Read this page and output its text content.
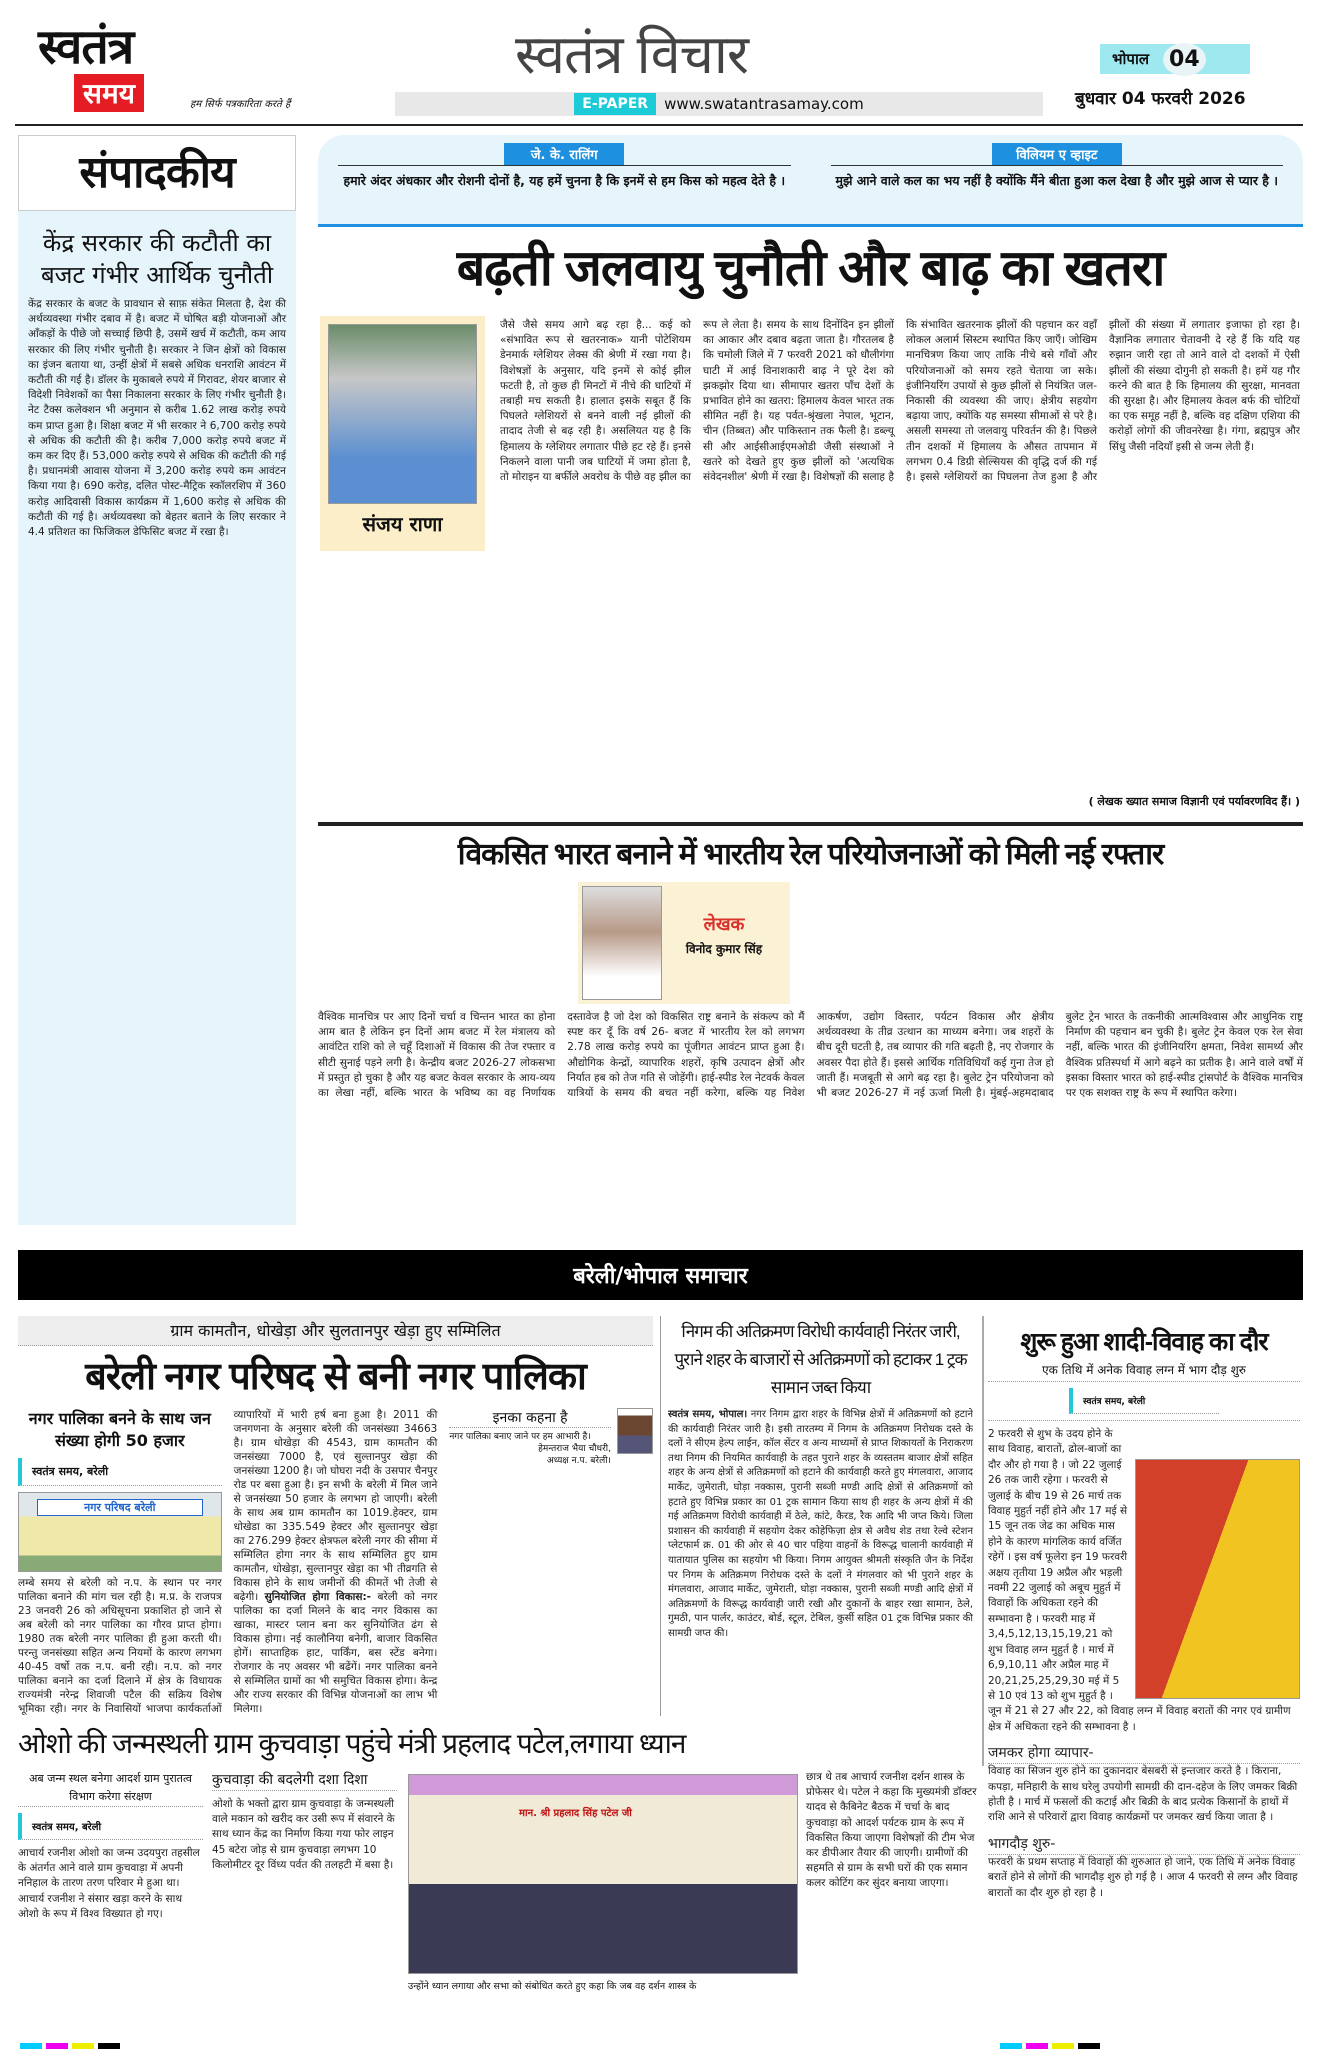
स्वतंत्र
समय	हम सिर्फ पत्रकारिता करते हैं
स्वतंत्र विचार
E-PAPER	www.swatantrasamay.com
भोपाल 04
बुधवार 04 फरवरी 2026
संपादकीय
केंद्र सरकार की कटौती का बजट गंभीर आर्थिक चुनौती
केंद्र सरकार के बजट के प्रावधान से साफ़ संकेत मिलता है, देश की अर्थव्यवस्था गंभीर दबाव में है। बजट में घोषित बड़ी योजनाओं और आँकड़ों के पीछे जो सच्चाई छिपी है, उसमें खर्च में कटौती, कम आय सरकार की लिए गंभीर चुनौती है। सरकार ने जिन क्षेत्रों को विकास का इंजन बताया था, उन्हीं क्षेत्रों में सबसे अधिक धनराशि आवंटन में कटौती की गई है। डॉलर के मुकाबले रुपये में गिरावट, शेयर बाजार से विदेशी निवेशकों का पैसा निकालना सरकार के लिए गंभीर चुनौती है। नेट टैक्स कलेक्शन भी अनुमान से करीब 1.62 लाख करोड़ रुपये कम प्राप्त हुआ है। शिक्षा बजट में भी सरकार ने 6,700 करोड़ रुपये से अधिक की कटौती की है। करीब 7,000 करोड़ रुपये बजट में कम कर दिए हैं। 53,000 करोड़ रुपये से अधिक की कटौती की गई है। प्रधानमंत्री आवास योजना में 3,200 करोड़ रुपये कम आवंटन किया गया है। 690 करोड़, दलित पोस्ट-मैट्रिक स्कॉलरशिप में 360 करोड़ आदिवासी विकास कार्यक्रम में 1,600 करोड़ से अधिक की कटौती की गई है। अर्थव्यवस्था को बेहतर बताने के लिए सरकार ने 4.4 प्रतिशत का फिजिकल डेफिसिट बजट में रखा है।
जे. के. रालिंग
हमारे अंदर अंधकार और रोशनी दोनों है, यह हमें चुनना है कि इनमें से हम किस को महत्व देते है ।
विलियम ए व्हाइट
मुझे आने वाले कल का भय नहीं है क्योंकि मैंने बीता हुआ कल देखा है और मुझे आज से प्यार है ।
बढ़ती जलवायु चुनौती और बाढ़ का खतरा
संजय राणा
जैसे जैसे समय आगे बढ़ रहा है... कई को «संभावित रूप से खतरनाक» यानी पोटेशियम डेनमार्क ग्लेशियर लेक्स की श्रेणी में रखा गया है। विशेषज्ञों के अनुसार, यदि इनमें से कोई झील फटती है, तो कुछ ही मिनटों में नीचे की घाटियों में तबाही मच सकती है। हालात इसके सबूत हैं कि पिघलते ग्लेशियरों से बनने वाली नई झीलों की तादाद तेजी से बढ़ रही है। असलियत यह है कि हिमालय के ग्लेशियर लगातार पीछे हट रहे हैं। इनसे निकलने वाला पानी जब घाटियों में जमा होता है, तो मोराइन या बर्फीले अवरोध के पीछे वह झील का रूप ले लेता है। समय के साथ दिनोंदिन इन झीलों का आकार और दबाव बढ़ता जाता है। गौरतलब है कि चमोली जिले में 7 फरवरी 2021 को धौलीगंगा घाटी में आई विनाशकारी बाढ़ ने पूरे देश को झकझोर दिया था। सीमापार खतरा पाँच देशों के प्रभावित होने का खतरा: हिमालय केवल भारत तक सीमित नहीं है। यह पर्वत-श्रृंखला नेपाल, भूटान, चीन (तिब्बत) और पाकिस्तान तक फैली है। डब्ल्यू सी और आईसीआईएमओडी जैसी संस्थाओं ने खतरे को देखते हुए कुछ झीलों को 'अत्यधिक संवेदनशील' श्रेणी में रखा है। विशेषज्ञों की सलाह है कि संभावित खतरनाक झीलों की पहचान कर वहाँ लोकल अलार्म सिस्टम स्थापित किए जाएँ। जोखिम मानचित्रण किया जाए ताकि नीचे बसे गाँवों और परियोजनाओं को समय रहते चेताया जा सके। इंजीनियरिंग उपायों से कुछ झीलों से नियंत्रित जल- निकासी की व्यवस्था की जाए। क्षेत्रीय सहयोग बढ़ाया जाए, क्योंकि यह समस्या सीमाओं से परे है। असली समस्या तो जलवायु परिवर्तन की है। पिछले तीन दशकों में हिमालय के औसत तापमान में लगभग 0.4 डिग्री सेल्सियस की वृद्धि दर्ज की गई है। इससे ग्लेशियरों का पिघलना तेज हुआ है और झीलों की संख्या में लगातार इजाफा हो रहा है। वैज्ञानिक लगातार चेतावनी दे रहे हैं कि यदि यह रुझान जारी रहा तो आने वाले दो दशकों में ऐसी झीलों की संख्या दोगुनी हो सकती है। हमें यह गौर करने की बात है कि हिमालय की सुरक्षा, मानवता की सुरक्षा है। और हिमालय केवल बर्फ की चोटियों का एक समूह नहीं है, बल्कि वह दक्षिण एशिया की करोड़ों लोगों की जीवनरेखा है। गंगा, ब्रह्मपुत्र और सिंधु जैसी नदियाँ इसी से जन्म लेती हैं।
( लेखक ख्यात समाज विज्ञानी एवं पर्यावरणविद हैं। )
विकसित भारत बनाने में भारतीय रेल परियोजनाओं को मिली नई रफ्तार
लेखक
विनोद कुमार सिंह
वैश्विक मानचित्र पर आए दिनों चर्चा व चिन्तन भारत का होना आम बात है लेकिन इन दिनों आम बजट में रेल मंत्रालय को आवंटित राशि को ले चहूँ दिशाओं में विकास की तेज रफ्तार व सीटी सुनाई पड़ने लगी है। केन्द्रीय बजट 2026-27 लोकसभा में प्रस्तुत हो चुका है और यह बजट केवल सरकार के आय-व्यय का लेखा नहीं, बल्कि भारत के भविष्य का वह निर्णायक दस्तावेज है जो देश को विकसित राष्ट्र बनाने के संकल्प को मैं स्पष्ट कर दूँ कि वर्ष 26- बजट में भारतीय रेल को लगभग 2.78 लाख करोड़ रुपये का पूंजीगत आवंटन प्राप्त हुआ है। औद्योगिक केन्द्रों, व्यापारिक शहरों, कृषि उत्पादन क्षेत्रों और निर्यात हब को तेज गति से जोड़ेंगी। हाई-स्पीड रेल नेटवर्क केवल यात्रियों के समय की बचत नहीं करेगा, बल्कि यह निवेश आकर्षण, उद्योग विस्तार, पर्यटन विकास और क्षेत्रीय अर्थव्यवस्था के तीव्र उत्थान का माध्यम बनेगा। जब शहरों के बीच दूरी घटती है, तब व्यापार की गति बढ़ती है, नए रोजगार के अवसर पैदा होते हैं। इससे आर्थिक गतिविधियाँ कई गुना तेज हो जाती हैं। मजबूती से आगे बढ़ रहा है। बुलेट ट्रेन परियोजना को भी बजट 2026-27 में नई ऊर्जा मिली है। मुंबई-अहमदाबाद बुलेट ट्रेन भारत के तकनीकी आत्मविश्वास और आधुनिक राष्ट्र निर्माण की पहचान बन चुकी है। बुलेट ट्रेन केवल एक रेल सेवा नहीं, बल्कि भारत की इंजीनियरिंग क्षमता, निवेश सामर्थ्य और वैश्विक प्रतिस्पर्धा में आगे बढ़ने का प्रतीक है। आने वाले वर्षों में इसका विस्तार भारत को हाई-स्पीड ट्रांसपोर्ट के वैश्विक मानचित्र पर एक सशक्त राष्ट्र के रूप में स्थापित करेगा।
बरेली/भोपाल समाचार
ग्राम कामतौन, धोखेड़ा और सुलतानपुर खेड़ा हुए सम्मिलित
बरेली नगर परिषद से बनी नगर पालिका
नगर पालिका बनने के साथ जन संख्या होगी 50 हजार
स्वतंत्र समय, बरेली
नगर परिषद बरेली
लम्बे समय से बरेली को न.प. के स्थान पर नगर पालिका बनाने की मांग चल रही है। म.प्र. के राजपत्र 23 जनवरी 26 को अधिसूचना प्रकाशित हो जाने से अब बरेली को नगर पालिका का गौरव प्राप्त होगा। 1980 तक बरेली नगर पालिका ही हुआ करती थी। परन्तु जनसंख्या सहित अन्य नियमों के कारण लगभग 40-45 वर्षो तक न.प. बनी रही। न.प. को नगर पालिका बनाने का दर्जा दिलाने में क्षेत्र के विधायक राज्यमंत्री नरेन्द्र शिवाजी पटैल की सक्रिय विशेष भूमिका रही। नगर के निवासियों भाजपा कार्यकर्ताओं व्यापारियों में भारी हर्ष बना हुआ है। 2011 की जनगणना के अनुसार बरेली की जनसंख्या 34663 है। ग्राम धोखेड़ा की 4543, ग्राम कामतौन की जनसंख्या 7000 है, एवं सुल्तानपुर खेड़ा की जनसंख्या 1200 है। जो घोघरा नदी के उसपार चैनपुर रोड पर बसा हुआ है। इन सभी के बरेली में मिल जाने से जनसंख्या 50 हजार के लगभग हो जाएगी। बरेली के साथ अब ग्राम कामतौन का 1019.हेक्टर, ग्राम धोखेडा का 335.549 हेक्टर और सुल्तानपुर खेड़ा का 276.299 हेक्टर क्षेत्रफल बरेली नगर की सीमा में सम्मिलित होगा नगर के साथ सम्मिलित हुए ग्राम कामतौन, धोखेड़ा, सुल्तानपुर खेड़ा का भी तीव्रगति से विकास होने के साथ जमीनों की कीमतें भी तेजी से बढ़ेगी। सुनियोजित होगा विकास:- बरेली को नगर पालिका का दर्जा मिलने के बाद नगर विकास का खाका, मास्टर प्लान बना कर सुनियोजित ढंग से विकास होगा। नई कालौनिया बनेगी, बाजार विकसित होगें। साप्ताहिक हाट, पार्किंग, बस स्टेंड बनेगा। रोजगार के नए अवसर भी बढेंगें। नगर पालिका बनने से सम्मिलित ग्रामों का भी समुचित विकास होगा। केन्द्र और राज्य सरकार की विभिन्न योजनाओं का लाभ भी मिलेगा।
इनका कहना है
नगर पालिका बनाए जाने पर हम आभारी है।
हेमन्तराज भैया चौधरी,
अध्यक्ष न.प. बरेली।
निगम की अतिक्रमण विरोधी कार्यवाही निरंतर जारी, पुराने शहर के बाजारों से अतिक्रमणों को हटाकर 1 ट्रक सामान जब्त किया
स्वतंत्र समय, भोपाल। नगर निगम द्वारा शहर के विभिन्न क्षेत्रों में अतिक्रमणों को हटाने की कार्यवाही निरंतर जारी है। इसी तारतम्य में निगम के अतिक्रमण निरोधक दस्ते के दलों ने सीएम हेल्प लाईन, कॉल सेंटर व अन्य माध्यमों से प्राप्त शिकायतों के निराकरण तथा निगम की नियमित कार्यवाही के तहत पुराने शहर के व्यस्ततम बाजार क्षेत्रों सहित शहर के अन्य क्षेत्रों से अतिक्रमणों को हटाने की कार्यवाही करते हुए मंगलवारा, आजाद मार्केट, जुमेराती, घोड़ा नक्कास, पुरानी सब्जी मण्डी आदि क्षेत्रों से अतिक्रमणों को हटाते हुए विभिन्न प्रकार का 01 ट्रक सामान किया साथ ही शहर के अन्य क्षेत्रों में की गई अतिक्रमण विरोधी कार्यवाही में ठेले, कांटे, कैरड, रैक आदि भी जप्त किये। जिला प्रशासन की कार्यवाही में सहयोग देकर कोहेफिज़ा क्षेत्र से अवैध शेड तथा रेल्वे स्टेशन प्लेटफार्म क्र. 01 की ओर से 40 चार पहिया वाहनों के विरूद्ध चालानी कार्यवाही में यातायात पुलिस का सहयोग भी किया। निगम आयुक्त श्रीमती संस्कृति जैन के निर्देश पर निगम के अतिक्रमण निरोधक दस्ते के दलों ने मंगलवार को भी पुराने शहर के मंगलवारा, आजाद मार्केट, जुमेराती, घोड़ा नक्कास, पुरानी सब्जी मण्डी आदि क्षेत्रों में अतिक्रमणों के विरूद्ध कार्यवाही जारी रखी और दुकानों के बाहर रखा सामान, ठेले, गुमठी, पान पार्लर, काउंटर, बोर्ड, स्टूल, टेबिल, कुर्सी सहित 01 ट्रक विभिन्न प्रकार की सामग्री जप्त की।
शुरू हुआ शादी-विवाह का दौर
एक तिथि में अनेक विवाह लग्न में भाग दौड़ शुरु
स्वतंत्र समय, बरेली
2 फरवरी से शुभ के उदय होने के साथ विवाह, बारातों, ढोल-बाजों का दौर और हो गया है । जो 22 जुलाई 26 तक जारी रहेगा । फरवरी से जुलाई के बीच 19 से 26 मार्च तक विवाह मुहुर्त नहीं होने और 17 मई से 15 जून तक जेढ का अधिक मास होने के कारण मांगलिक कार्य वर्जित रहेगें । इस वर्ष फूलेरा इन 19 फरवरी अक्षय तृतीया 19 अप्रैल और भड़ली नवमी 22 जुलाई को अबूच मुहुर्त में विवाहों कि अधिकता रहने की सम्भावना है । फरवरी माह में 3,4,5,12,13,15,19,21 को शुभ विवाह लग्न मुहुर्त है । मार्च में 6,9,10,11 और अप्रैल माह में 20,21,25,25,29,30 मई में 5 से 10 एवं 13 को शुभ मुहुर्त है । जून में 21 से 27 और 22, को विवाह लग्न में विवाह बरातों की नगर एवं ग्रामीण क्षेत्र में अधिकता रहने की सम्भावना है ।
जमकर होगा व्यापार-
विवाह का सिजन शुरु होने का दुकानदार बेसबरी से इन्तजार करते है । किराना, कपड़ा, मनिहारी के साथ घरेलु उपयोगी सामग्री की दान-दहेज के लिए जमकर बिक्री होती है । मार्च में फसलों की कटाई और बिक्री के बाद प्रत्येक किसानों के हाथों में राशि आने से परिवारों द्वारा विवाह कार्यक्रमों पर जमकर खर्च किया जाता है ।
भागदौड़ शुरु-
फरवरी के प्रथम सप्ताह में विवाहों की शुरुआत हो जाने, एक तिथि में अनेक विवाह बरातें होने से लोगों की भागदौड़ शुरु हो गई है । आज 4 फरवरी से लग्न और विवाह बारातों का दौर शुरु हो रहा है ।
ओशो की जन्मस्थली ग्राम कुचवाड़ा पहुंचे मंत्री प्रहलाद पटेल,लगाया ध्यान
अब जन्म स्थल बनेगा आदर्श ग्राम पुरातत्व विभाग करेगा संरक्षण
स्वतंत्र समय, बरेली
आचार्य रजनीश ओशो का जन्म उदयपुरा तहसील के अंतर्गत आने वाले ग्राम कुचवाड़ा में अपनी ननिहाल के तारण तरण परिवार मे हुआ था। आचार्य रजनीश ने संसार खड़ा करने के साथ ओशो के रूप में विश्व विख्यात हो गए।
कुचवाड़ा की बदलेगी दशा दिशा
ओशो के भक्तो द्वारा ग्राम कुचवाड़ा के जन्मस्थली वाले मकान को खरीद कर उसी रूप में संवारने के साथ ध्यान केंद्र का निर्माण किया गया फोर लाइन 45 बटेरा जोड़ से ग्राम कुचवाड़ा लगभग 10 किलोमीटर दूर विंध्य पर्वत की तलहटी में बसा है।
मान. श्री प्रहलाद सिंह पटेल जी
उन्होंने ध्यान लगाया और सभा को संबोधित करते हुए कहा कि जब वह दर्शन शास्त्र के
छात्र थे तब आचार्य रजनीश दर्शन शास्त्र के प्रोफेसर थे। पटेल ने कहा कि मुख्यमंत्री डॉक्टर यादव से कैबिनेट बैठक में चर्चा के बाद कुचवाड़ा को आदर्श पर्यटक ग्राम के रूप में विकसित किया जाएगा विशेषज्ञों की टीम भेज कर डीपीआर तैयार की जाएगी। ग्रामीणों की सहमति से ग्राम के सभी घरों की एक समान कलर कोटिंग कर सुंदर बनाया जाएगा।
